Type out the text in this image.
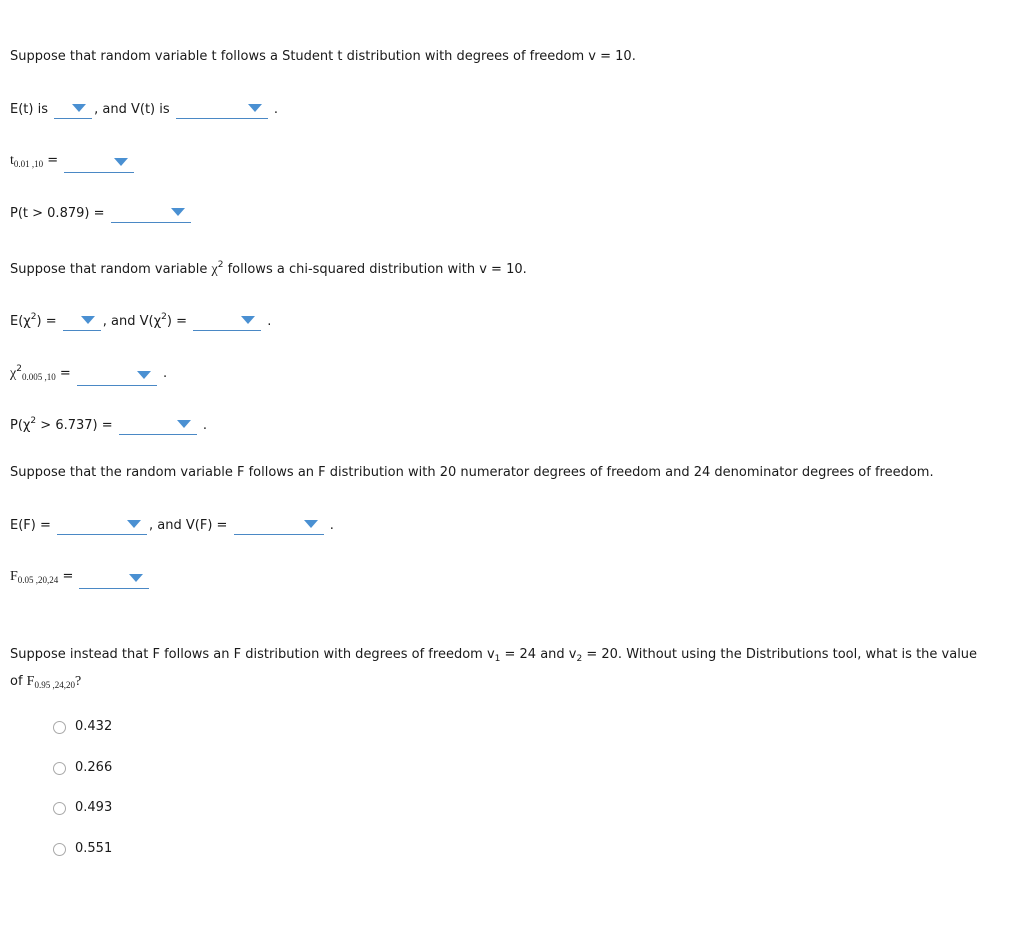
Suppose that random variable t follows a Student t distribution with degrees of freedom v = 10.
E(t) is	, and V(t) is	.
$t_{0.01 ,10}$ =
P(t > 0.879) =
Suppose that random variable $\chi^2$ follows a chi-squared distribution with v = 10.
$E(\chi^2)$ =	, and $V(\chi^2)$ =	.
$\chi^2_{0.005 ,10}$ =	.
$P(\chi^2 > 6.737)$ =	.
Suppose that the random variable F follows an F distribution with 20 numerator degrees of freedom and 24 denominator degrees of freedom.
E(F) =	, and V(F) =	.
$F_{0.05 ,20,24}$ =
Suppose instead that F follows an F distribution with degrees of freedom $v_1 = 24$ and $v_2 = 20$. Without using the Distributions tool, what is the value
of $F_{0.95 ,24,20}$?
0.432
0.266
0.493
0.551
